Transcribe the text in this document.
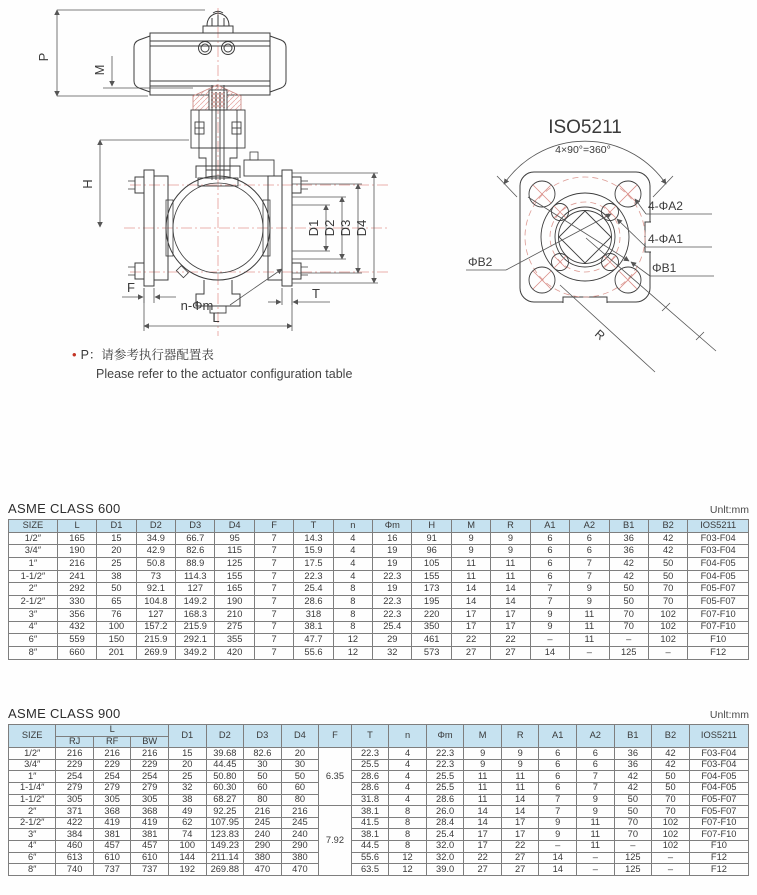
P
M
H
D1 D2 D3 D4
F
n-Φm
T
L
ISO5211
4×90°=360°
4-ΦA2
4-ΦA1
ΦB2	ΦB1
R
• P：请参考执行器配置表
Please refer to the actuator configuration table
ASME CLASS 600	Unlt:mm
SIZE	L	D1	D2	D3	D4	F	T	n	Φm	H	M	R	A1	A2	B1	B2	IOS5211
1/2″	165	15	34.9	66.7	95	7	14.3	4	16	91	9	9	6	6	36	42	F03-F04
3/4″	190	20	42.9	82.6	115	7	15.9	4	19	96	9	9	6	6	36	42	F03-F04
1″	216	25	50.8	88.9	125	7	17.5	4	19	105	11	11	6	7	42	50	F04-F05
1-1/2″	241	38	73	114.3	155	7	22.3	4	22.3	155	11	11	6	7	42	50	F04-F05
2″	292	50	92.1	127	165	7	25.4	8	19	173	14	14	7	9	50	70	F05-F07
2-1/2″	330	65	104.8	149.2	190	7	28.6	8	22.3	195	14	14	7	9	50	70	F05-F07
3″	356	76	127	168.3	210	7	318	8	22.3	220	17	17	9	11	70	102	F07-F10
4″	432	100	157.2	215.9	275	7	38.1	8	25.4	350	17	17	9	11	70	102	F07-F10
6″	559	150	215.9	292.1	355	7	47.7	12	29	461	22	22	–	11	–	102	F10
8″	660	201	269.9	349.2	420	7	55.6	12	32	573	27	27	14	–	125	–	F12
ASME CLASS 900	Unlt:mm
SIZE	L			D1	D2	D3	D4	F	T	n	Φm	M	R	A1	A2	B1	B2	IOS5211
	RJ	RF	BW															
1/2″	216	216	216	15	39.68	82.6	20	6.35	22.3	4	22.3	9	9	6	6	36	42	F03-F04
3/4″	229	229	229	20	44.45	30	30		25.5	4	22.3	9	9	6	6	36	42	F03-F04
1″	254	254	254	25	50.80	50	50		28.6	4	25.5	11	11	6	7	42	50	F04-F05
1-1/4″	279	279	279	32	60.30	60	60		28.6	4	25.5	11	11	6	7	42	50	F04-F05
1-1/2″	305	305	305	38	68.27	80	80		31.8	4	28.6	11	14	7	9	50	70	F05-F07
2″	371	368	368	49	92.25	216	216	7.92	38.1	8	26.0	14	14	7	9	50	70	F05-F07
2-1/2″	422	419	419	62	107.95	245	245		41.5	8	28.4	14	17	9	11	70	102	F07-F10
3″	384	381	381	74	123.83	240	240		38.1	8	25.4	17	17	9	11	70	102	F07-F10
4″	460	457	457	100	149.23	290	290		44.5	8	32.0	17	22	–	11	–	102	F10
6″	613	610	610	144	211.14	380	380		55.6	12	32.0	22	27	14	–	125	–	F12
8″	740	737	737	192	269.88	470	470		63.5	12	39.0	27	27	14	–	125	–	F12
